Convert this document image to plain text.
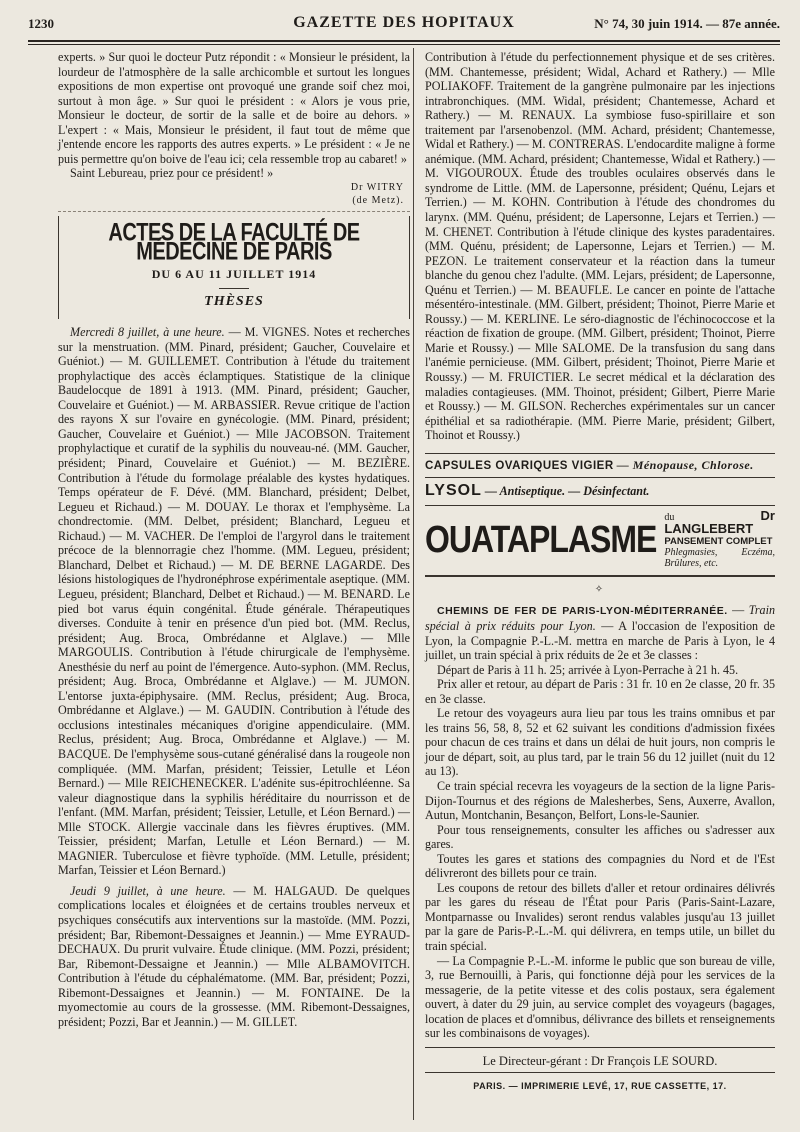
1230	GAZETTE DES HOPITAUX	N° 74, 30 juin 1914. — 87e année.

experts. » Sur quoi le docteur Putz répondit : « Monsieur le président, la lourdeur de l'atmosphère de la salle archicomble et surtout les longues expositions de mon expertise ont provoqué une grande soif chez moi, surtout à mon âge. » Sur quoi le président : « Alors je vous prie, Monsieur le docteur, de sortir de la salle et de boire au dehors. » L'expert : « Mais, Monsieur le président, il faut tout de même que j'entende encore les rapports des autres experts. » Le président : « Je ne puis permettre qu'on boive de l'eau ici; cela ressemble trop au cabaret! »

Saint Lebureau, priez pour ce président! »

Dr WITRY
(de Metz).
ACTES DE LA FACULTÉ DE MÉDECINE DE PARIS
DU 6 AU 11 JUILLET 1914
THÈSES

Mercredi 8 juillet, à une heure. — M. VIGNES. Notes et recherches sur la menstruation. (MM. Pinard, président; Gaucher, Couvelaire et Guéniot.) — M. GUILLEMET. Contribution à l'étude du traitement prophylactique des accès éclamptiques. Statistique de la clinique Baudelocque de 1891 à 1913. (MM. Pinard, président; Gaucher, Couvelaire et Guéniot.) — M. ARBASSIER. Revue critique de l'action des rayons X sur l'ovaire en gynécologie. (MM. Pinard, président; Gaucher, Couvelaire et Guéniot.) — Mlle JACOBSON. Traitement prophylactique et curatif de la syphilis du nouveau-né. (MM. Gaucher, président; Pinard, Couvelaire et Guéniot.) — M. BEZIÈRE. Contribution à l'étude du formolage préalable des kystes hydatiques. Temps opérateur de F. Dévé. (MM. Blanchard, président; Delbet, Legueu et Richaud.) — M. DOUAY. Le thorax et l'emphysème. La chondrectomie. (MM. Delbet, président; Blanchard, Legueu et Richaud.) — M. VACHER. De l'emploi de l'argyrol dans le traitement précoce de la blennorragie chez l'homme. (MM. Legueu, président; Blanchard, Delbet et Richaud.) — M. DE BERNE LAGARDE. Des lésions histologiques de l'hydronéphrose expérimentale aseptique. (MM. Legueu, président; Blanchard, Delbet et Richaud.) — M. BENARD. Le pied bot varus équin congénital. Étude générale. Thérapeutiques diverses. Conduite à tenir en présence d'un pied bot. (MM. Reclus, président; Aug. Broca, Ombrédanne et Alglave.) — Mlle MARGOULIS. Contribution à l'étude chirurgicale de l'emphysème. Anesthésie du nerf au point de l'émergence. Auto-syphon. (MM. Reclus, président; Aug. Broca, Ombrédanne et Alglave.) — M. JUMON. L'entorse juxta-épiphysaire. (MM. Reclus, président; Aug. Broca, Ombrédanne et Alglave.) — M. GAUDIN. Contribution à l'étude des occlusions intestinales mécaniques d'origine appendiculaire. (MM. Reclus, président; Aug. Broca, Ombrédanne et Alglave.) — M. BACQUE. De l'emphysème sous-cutané généralisé dans la rougeole non compliquée. (MM. Marfan, président; Teissier, Letulle et Léon Bernard.) — Mlle REICHENECKER. L'adénite sus-épitrochléenne. Sa valeur diagnostique dans la syphilis héréditaire du nourrisson et de l'enfant. (MM. Marfan, président; Teissier, Letulle, et Léon Bernard.) — Mlle STOCK. Allergie vaccinale dans les fièvres éruptives. (MM. Teissier, président; Marfan, Letulle et Léon Bernard.) — M. MAGNIER. Tuberculose et fièvre typhoïde. (MM. Letulle, président; Marfan, Teissier et Léon Bernard.)

Jeudi 9 juillet, à une heure. — M. HALGAUD. De quelques complications locales et éloignées et de certains troubles nerveux et psychiques consécutifs aux interventions sur la mastoïde. (MM. Pozzi, président; Bar, Ribemont-Dessaignes et Jeannin.) — Mme EYRAUD-DECHAUX. Du prurit vulvaire. Étude clinique. (MM. Pozzi, président; Bar, Ribemont-Dessaigne et Jeannin.) — Mlle ALBAMOVITCH. Contribution à l'étude du céphalématome. (MM. Bar, président; Pozzi, Ribemont-Dessaignes et Jeannin.) — M. FONTAINE. De la myomectomie au cours de la grossesse. (MM. Ribemont-Dessaignes, président; Pozzi, Bar et Jeannin.) — M. GILLET.

Contribution à l'étude du perfectionnement physique et de ses critères. (MM. Chantemesse, président; Widal, Achard et Rathery.) — Mlle POLIAKOFF. Traitement de la gangrène pulmonaire par les injections intrabronchiques. (MM. Widal, président; Chantemesse, Achard et Rathery.) — M. RENAUX. La symbiose fuso-spirillaire et son traitement par l'arsenobenzol. (MM. Achard, président; Chantemesse, Widal et Rathery.) — M. CONTRERAS. L'endocardite maligne à forme anémique. (MM. Achard, président; Chantemesse, Widal et Rathery.) — M. VIGOUROUX. Étude des troubles oculaires observés dans le syndrome de Little. (MM. de Lapersonne, président; Quénu, Lejars et Terrien.) — M. KOHN. Contribution à l'étude des chondromes du larynx. (MM. Quénu, président; de Lapersonne, Lejars et Terrien.) — M. CHENET. Contribution à l'étude clinique des kystes paradentaires. (MM. Quénu, président; de Lapersonne, Lejars et Terrien.) — M. PEZON. Le traitement conservateur et la réaction dans la tumeur blanche du genou chez l'adulte. (MM. Lejars, président; de Lapersonne, Quénu et Terrien.) — M. BEAUFLE. Le cancer en pointe de l'attache mésentéro-intestinale. (MM. Gilbert, président; Thoinot, Pierre Marie et Roussy.) — M. KERLINE. Le séro-diagnostic de l'échinococcose et la réaction de fixation de groupe. (MM. Gilbert, président; Thoinot, Pierre Marie et Roussy.) — Mlle SALOME. De la transfusion du sang dans l'anémie pernicieuse. (MM. Gilbert, président; Thoinot, Pierre Marie et Roussy.) — M. FRUICTIER. Le secret médical et la déclaration des maladies contagieuses. (MM. Thoinot, président; Gilbert, Pierre Marie et Roussy.) — M. GILSON. Recherches expérimentales sur un cancer épithélial et sa radiothérapie. (MM. Pierre Marie, président; Gilbert, Thoinot et Roussy.)

CAPSULES OVARIQUES VIGIER — Ménopause, Chlorose.
LYSOL — Antiseptique. — Désinfectant.
OUATAPLASME
du	Dr LANGLEBERT
PANSEMENT COMPLET
Phlegmasies, Eczéma, Brûlures, etc.
✧

CHEMINS DE FER DE PARIS-LYON-MÉDITERRANÉE. — Train spécial à prix réduits pour Lyon. — A l'occasion de l'exposition de Lyon, la Compagnie P.-L.-M. mettra en marche de Paris à Lyon, le 4 juillet, un train spécial à prix réduits de 2e et 3e classes :

Départ de Paris à 11 h. 25; arrivée à Lyon-Perrache à 21 h. 45.

Prix aller et retour, au départ de Paris : 31 fr. 10 en 2e classe, 20 fr. 35 en 3e classe.

Le retour des voyageurs aura lieu par tous les trains omnibus et par les trains 56, 58, 8, 52 et 62 suivant les conditions d'admission fixées pour chacun de ces trains et dans un délai de huit jours, non compris le jour de départ, soit, au plus tard, par le train 56 du 12 juillet (nuit du 12 au 13).

Ce train spécial recevra les voyageurs de la section de la ligne Paris-Dijon-Tournus et des régions de Malesherbes, Sens, Auxerre, Avallon, Autun, Montchanin, Besançon, Belfort, Lons-le-Saunier.

Pour tous renseignements, consulter les affiches ou s'adresser aux gares.

Toutes les gares et stations des compagnies du Nord et de l'Est délivreront des billets pour ce train.

Les coupons de retour des billets d'aller et retour ordinaires délivrés par les gares du réseau de l'État pour Paris (Paris-Saint-Lazare, Montparnasse ou Invalides) seront rendus valables jusqu'au 13 juillet par la gare de Paris-P.-L.-M. qui délivrera, en temps utile, un billet du train spécial.

— La Compagnie P.-L.-M. informe le public que son bureau de ville, 3, rue Bernouilli, à Paris, qui fonctionne déjà pour les services de la messagerie, de la petite vitesse et des colis postaux, sera également ouvert, à dater du 29 juin, au service complet des voyageurs (bagages, location de places et d'omnibus, délivrance des billets et renseignements sur les combinaisons de voyages).

Le Directeur-gérant : Dr François LE SOURD.
PARIS. — IMPRIMERIE LEVÉ, 17, RUE CASSETTE, 17.
